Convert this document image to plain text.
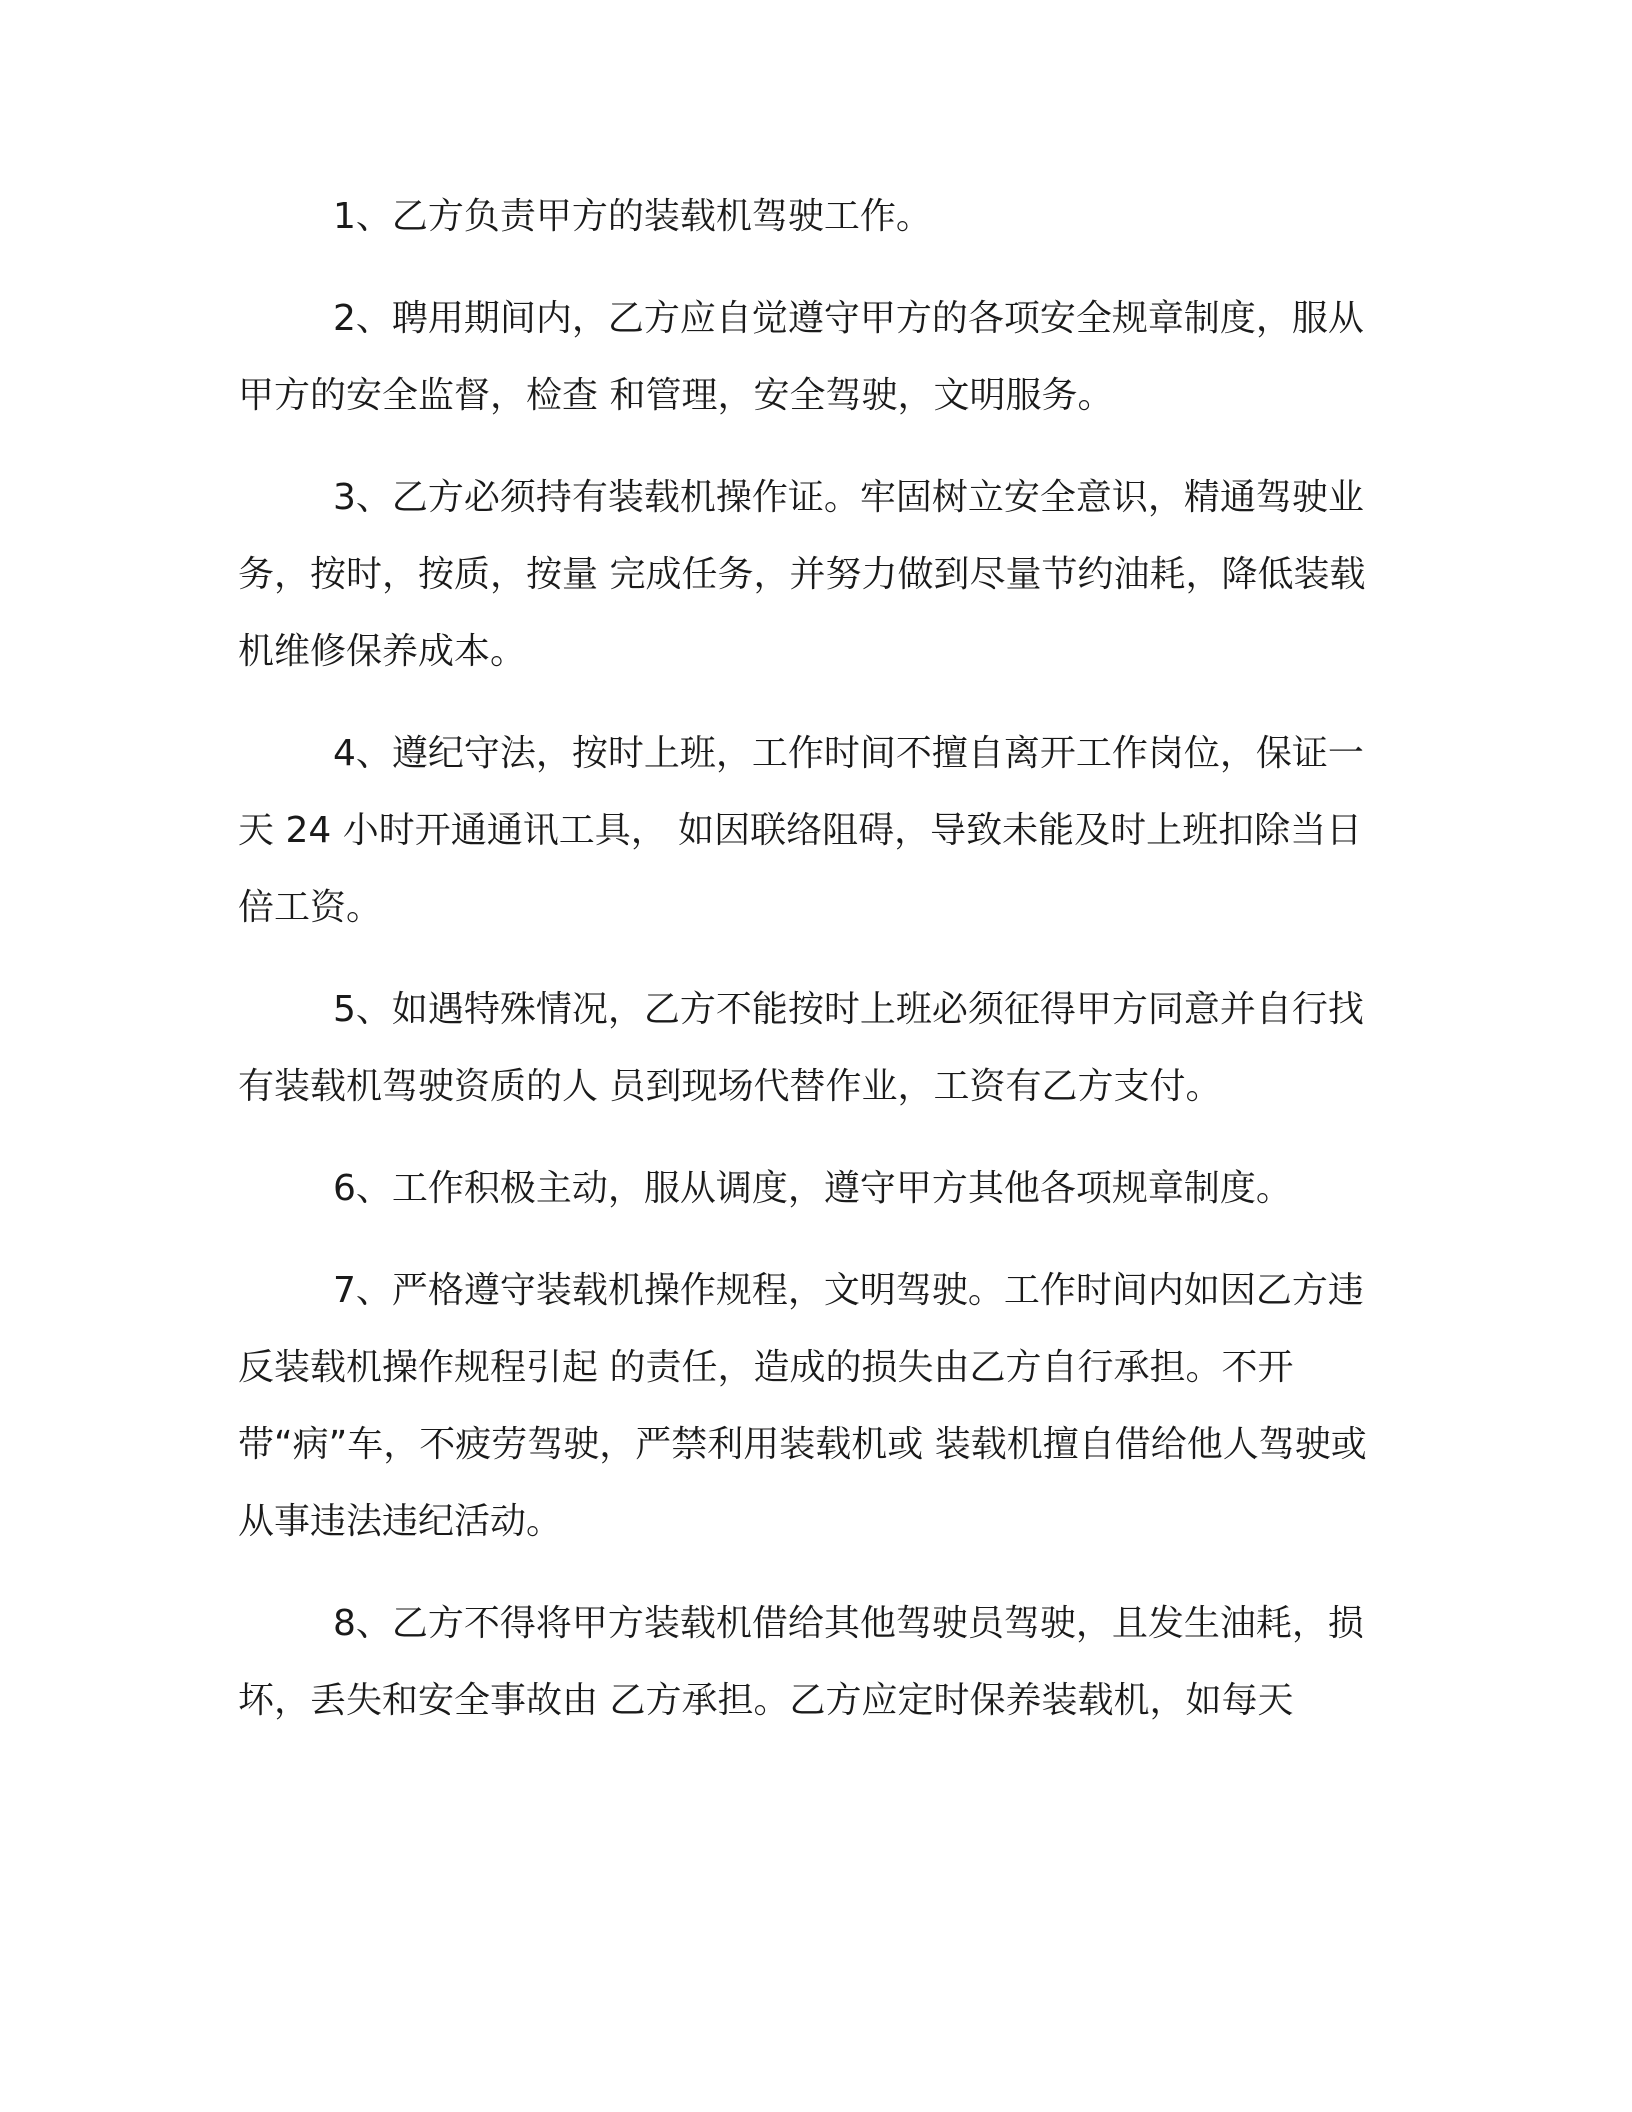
1、乙方负责甲方的装载机驾驶工作。

2、聘用期间内，乙方应自觉遵守甲方的各项安全规章制度，服从甲方的安全监督，检查 和管理，安全驾驶，文明服务。

3、乙方必须持有装载机操作证。牢固树立安全意识，精通驾驶业务，按时，按质，按量 完成任务，并努力做到尽量节约油耗，降低装载机维修保养成本。

4、遵纪守法，按时上班，工作时间不擅自离开工作岗位，保证一天 24 小时开通通讯工具， 如因联络阻碍，导致未能及时上班扣除当日 倍工资。

5、如遇特殊情况，乙方不能按时上班必须征得甲方同意并自行找有装载机驾驶资质的人 员到现场代替作业，工资有乙方支付。

6、工作积极主动，服从调度，遵守甲方其他各项规章制度。

7、严格遵守装载机操作规程，文明驾驶。工作时间内如因乙方违反装载机操作规程引起 的责任，造成的损失由乙方自行承担。不开带“病”车，不疲劳驾驶，严禁利用装载机或 装载机擅自借给他人驾驶或从事违法违纪活动。

8、乙方不得将甲方装载机借给其他驾驶员驾驶，且发生油耗，损坏，丢失和安全事故由 乙方承担。乙方应定时保养装载机，如每天
